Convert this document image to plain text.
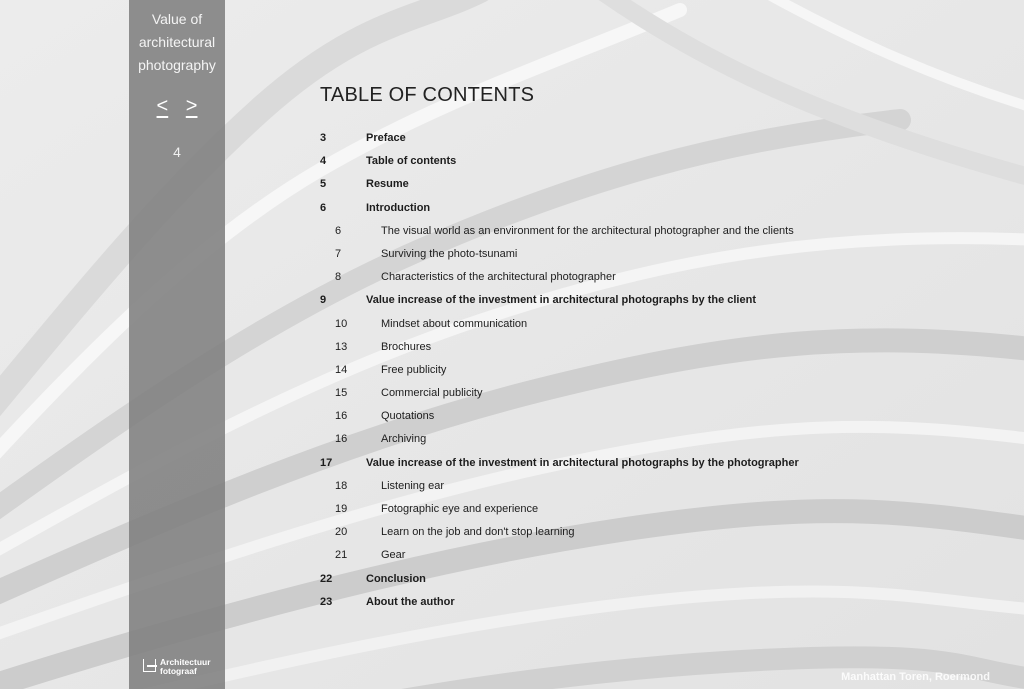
Value of
architectural
photography
< >
4
Architectuur
fotograaf
TABLE OF CONTENTS
3	Preface
4	Table of contents
5	Resume
6	Introduction
6	The visual world as an environment for the architectural photographer and the clients
7	Surviving the photo-tsunami
8	Characteristics of the architectural photographer
9	Value increase of the investment in architectural photographs by the client
10	Mindset about communication
13	Brochures
14	Free publicity
15	Commercial publicity
16	Quotations
16	Archiving
17	Value increase of the investment in architectural photographs by the photographer
18	Listening ear
19	Fotographic eye and experience
20	Learn on the job and don't stop learning
21	Gear
22	Conclusion
23	About the author
Manhattan Toren, Roermond
